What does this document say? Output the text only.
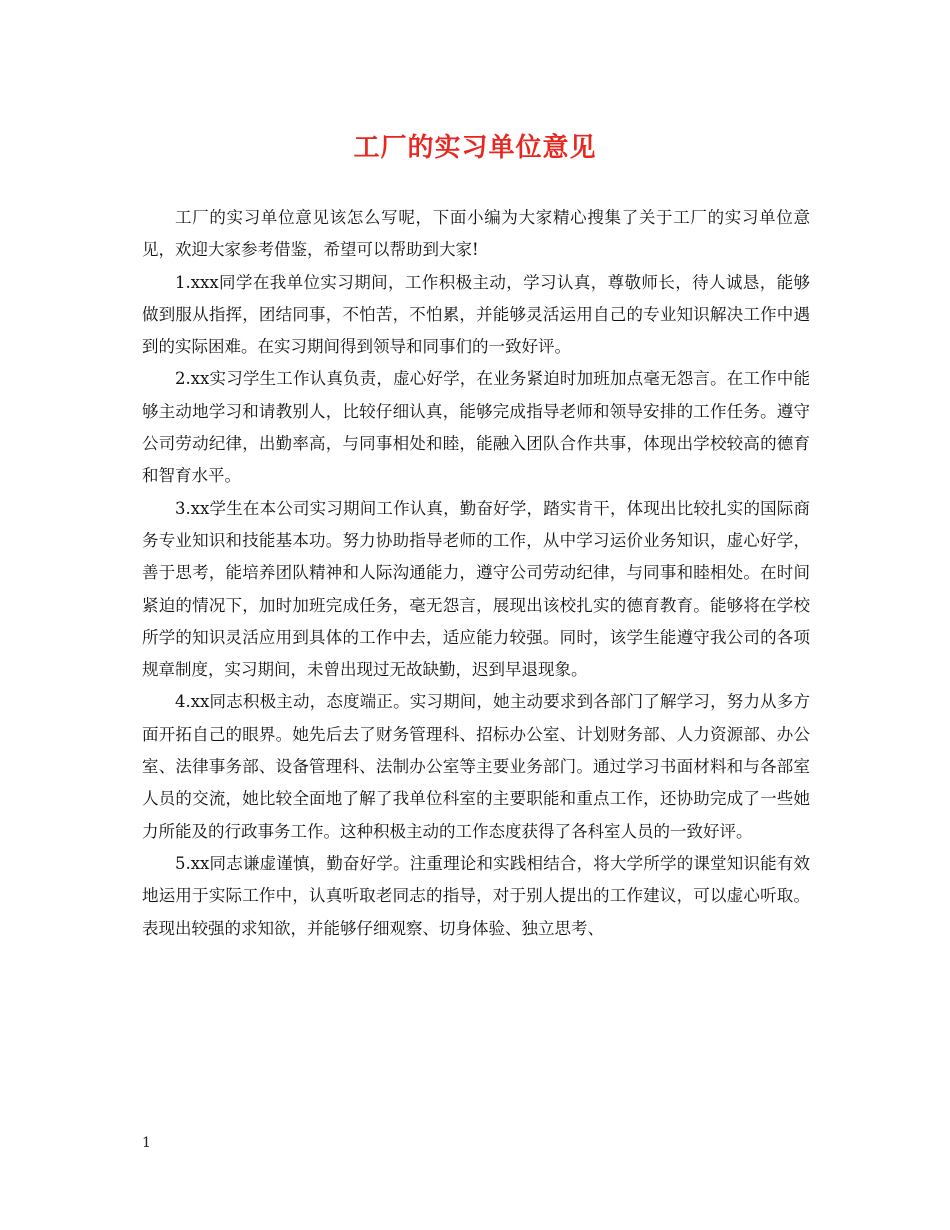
工厂的实习单位意见

工厂的实习单位意见该怎么写呢，下面小编为大家精心搜集了关于工厂的实习单位意见，欢迎大家参考借鉴，希望可以帮助到大家!

1.xxx同学在我单位实习期间，工作积极主动，学习认真，尊敬师长，待人诚恳，能够做到服从指挥，团结同事，不怕苦，不怕累，并能够灵活运用自己的专业知识解决工作中遇到的实际困难。在实习期间得到领导和同事们的一致好评。

2.xx实习学生工作认真负责，虚心好学，在业务紧迫时加班加点毫无怨言。在工作中能够主动地学习和请教别人，比较仔细认真，能够完成指导老师和领导安排的工作任务。遵守公司劳动纪律，出勤率高，与同事相处和睦，能融入团队合作共事，体现出学校较高的德育和智育水平。

3.xx学生在本公司实习期间工作认真，勤奋好学，踏实肯干，体现出比较扎实的国际商务专业知识和技能基本功。努力协助指导老师的工作，从中学习运价业务知识，虚心好学，善于思考，能培养团队精神和人际沟通能力，遵守公司劳动纪律，与同事和睦相处。在时间紧迫的情况下，加时加班完成任务，毫无怨言，展现出该校扎实的德育教育。能够将在学校所学的知识灵活应用到具体的工作中去，适应能力较强。同时，该学生能遵守我公司的各项规章制度，实习期间，未曾出现过无故缺勤，迟到早退现象。

4.xx同志积极主动，态度端正。实习期间，她主动要求到各部门了解学习，努力从多方面开拓自己的眼界。她先后去了财务管理科、招标办公室、计划财务部、人力资源部、办公室、法律事务部、设备管理科、法制办公室等主要业务部门。通过学习书面材料和与各部室人员的交流，她比较全面地了解了我单位科室的主要职能和重点工作，还协助完成了一些她力所能及的行政事务工作。这种积极主动的工作态度获得了各科室人员的一致好评。

5.xx同志谦虚谨慎，勤奋好学。注重理论和实践相结合，将大学所学的课堂知识能有效地运用于实际工作中，认真听取老同志的指导，对于别人提出的工作建议，可以虚心听取。表现出较强的求知欲，并能够仔细观察、切身体验、独立思考、

1
